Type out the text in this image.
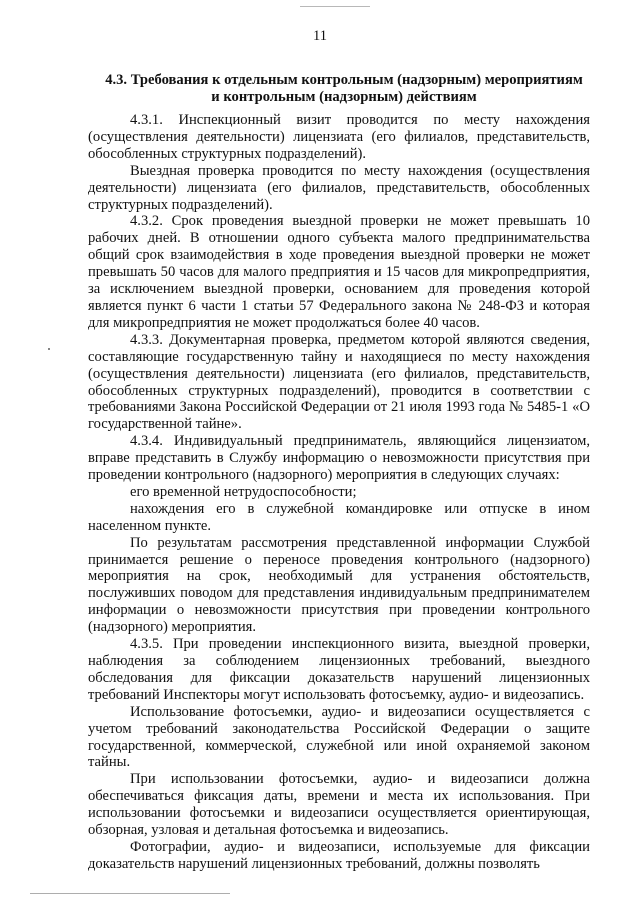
11
4.3. Требования к отдельным контрольным (надзорным) мероприятиям
и контрольным (надзорным) действиям

4.3.1. Инспекционный визит проводится по месту нахождения (осуществления деятельности) лицензиата (его филиалов, представительств, обособленных структурных подразделений).

Выездная проверка проводится по месту нахождения (осуществления деятельности) лицензиата (его филиалов, представительств, обособленных структурных подразделений).

4.3.2. Срок проведения выездной проверки не может превышать 10 рабочих дней. В отношении одного субъекта малого предпринимательства общий срок взаимодействия в ходе проведения выездной проверки не может превышать 50 часов для малого предприятия и 15 часов для микропредприятия, за исключением выездной проверки, основанием для проведения которой является пункт 6 части 1 статьи 57 Федерального закона № 248-ФЗ и которая для микропредприятия не может продолжаться более 40 часов.

4.3.3. Документарная проверка, предметом которой являются сведения, составляющие государственную тайну и находящиеся по месту нахождения (осуществления деятельности) лицензиата (его филиалов, представительств, обособленных структурных подразделений), проводится в соответствии с требованиями Закона Российской Федерации от 21 июля 1993 года № 5485-1 «О государственной тайне».

4.3.4. Индивидуальный предприниматель, являющийся лицензиатом, вправе представить в Службу информацию о невозможности присутствия при проведении контрольного (надзорного) мероприятия в следующих случаях:

его временной нетрудоспособности;

нахождения его в служебной командировке или отпуске в ином населенном пункте.

По результатам рассмотрения представленной информации Службой принимается решение о переносе проведения контрольного (надзорного) мероприятия на срок, необходимый для устранения обстоятельств, послуживших поводом для представления индивидуальным предпринимателем информации о невозможности присутствия при проведении контрольного (надзорного) мероприятия.

4.3.5. При проведении инспекционного визита, выездной проверки, наблюдения за соблюдением лицензионных требований, выездного обследования для фиксации доказательств нарушений лицензионных требований Инспекторы могут использовать фотосъемку, аудио- и видеозапись.

Использование фотосъемки, аудио- и видеозаписи осуществляется с учетом требований законодательства Российской Федерации о защите государственной, коммерческой, служебной или иной охраняемой законом тайны.

При использовании фотосъемки, аудио- и видеозаписи должна обеспечиваться фиксация даты, времени и места их использования. При использовании фотосъемки и видеозаписи осуществляется ориентирующая, обзорная, узловая и детальная фотосъемка и видеозапись.

Фотографии, аудио- и видеозаписи, используемые для фиксации доказательств нарушений лицензионных требований, должны позволять
